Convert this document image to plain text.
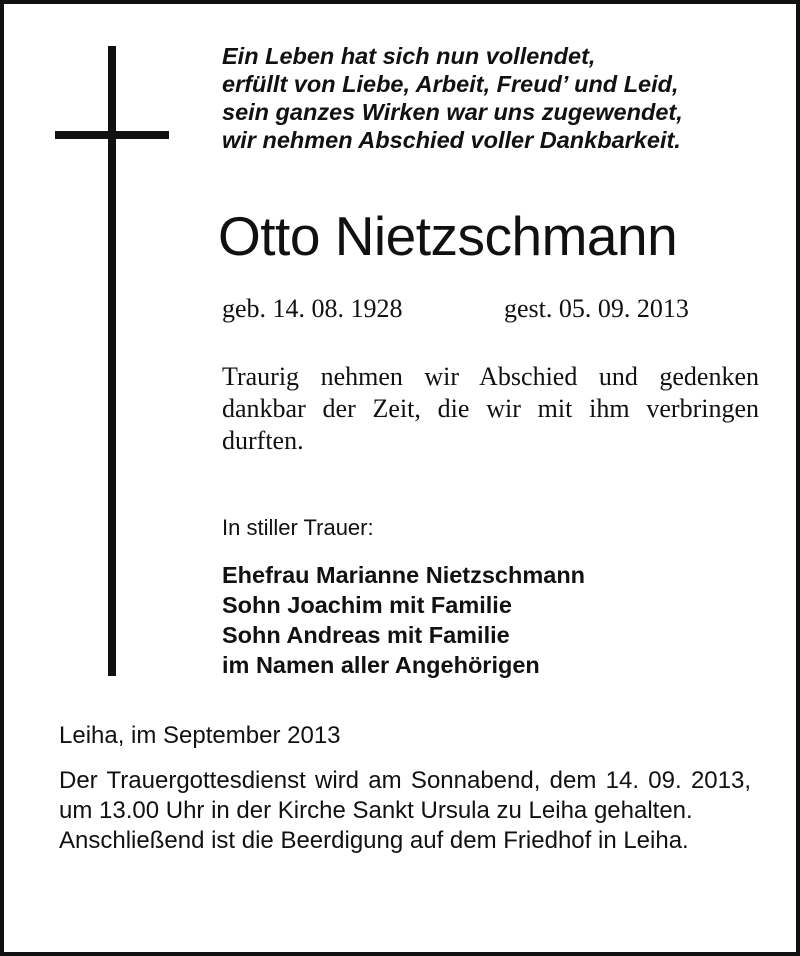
Ein Leben hat sich nun vollendet,
erfüllt von Liebe, Arbeit, Freud’ und Leid,
sein ganzes Wirken war uns zugewendet,
wir nehmen Abschied voller Dankbarkeit.
Otto Nietzschmann
geb. 14. 08. 1928	gest. 05. 09. 2013
Traurig nehmen wir Abschied und gedenken dankbar der Zeit, die wir mit ihm verbringen durften.
In stiller Trauer:
Ehefrau Marianne Nietzschmann
Sohn Joachim mit Familie
Sohn Andreas mit Familie
im Namen aller Angehörigen
Leiha, im September 2013
Der Trauergottesdienst wird am Sonnabend, dem 14. 09. 2013, um 13.00 Uhr in der Kirche Sankt Ursula zu Leiha gehalten.
Anschließend ist die Beerdigung auf dem Friedhof in Leiha.
